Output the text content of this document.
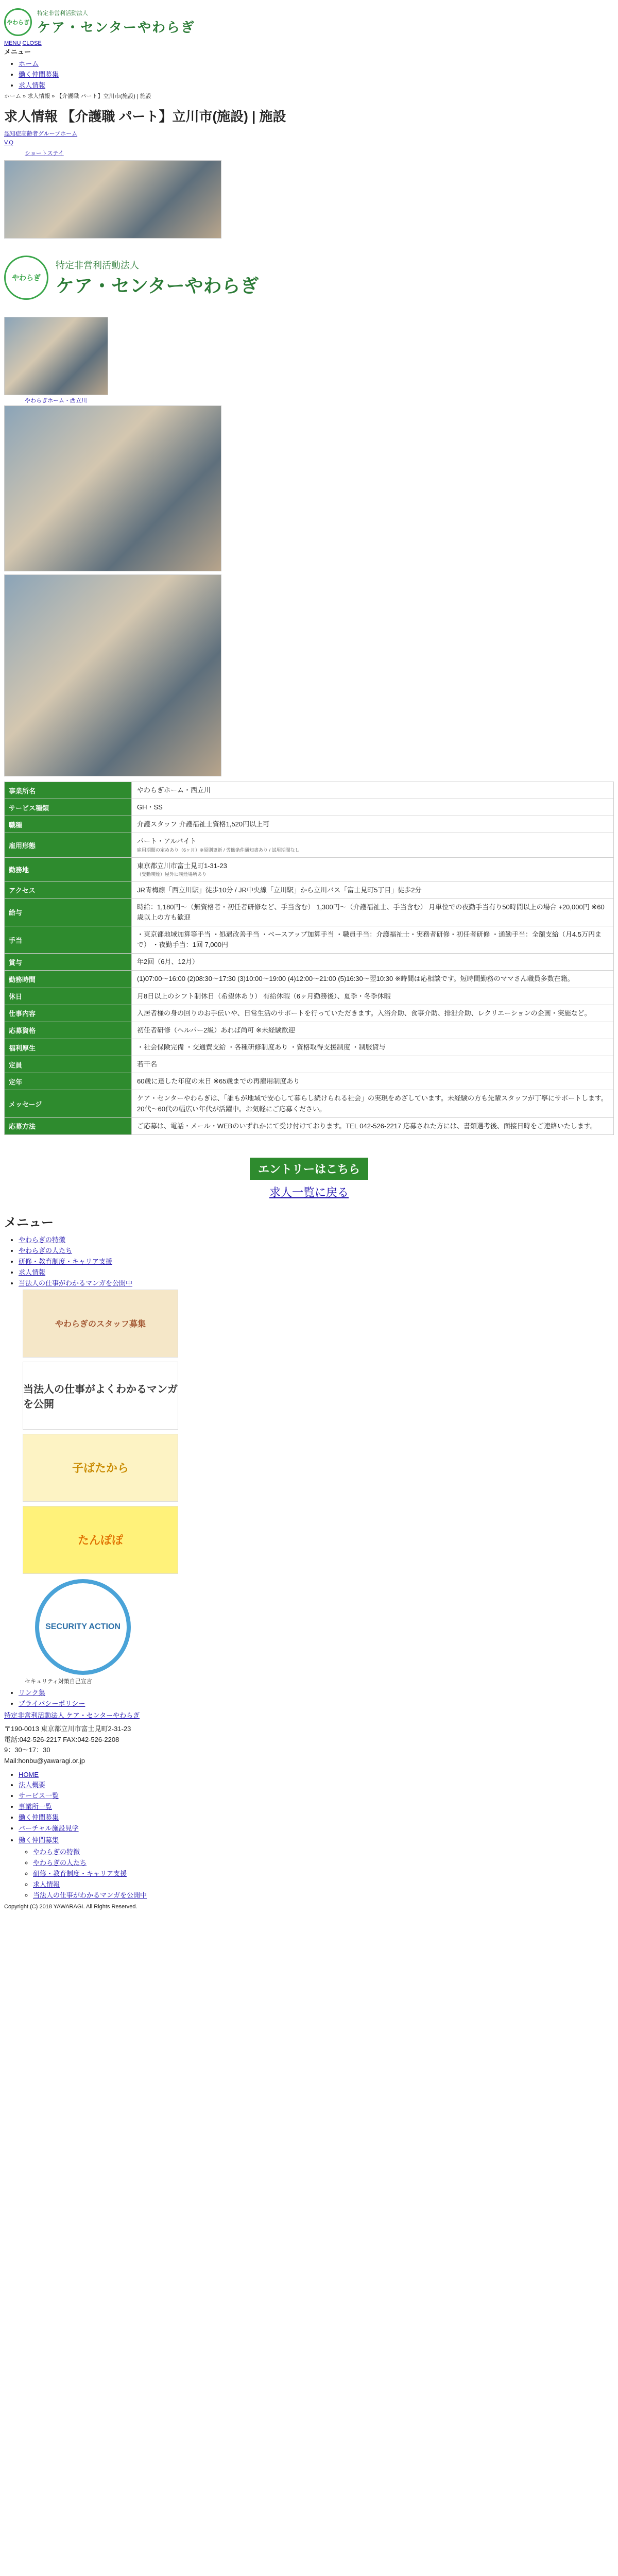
やわらぎ
特定非営利活動法人
ケア・センターやわらぎ
MENU CLOSE
メニュー
• ホーム
• 働く仲間募集
• 求人情報
ホーム » 求人情報 » 【介護職 パート】立川市(施設) | 施設
求人情報 【介護職 パート】立川市(施設) | 施設
認知症高齢者グループホーム
V.Q
ショートステイ
やわらぎ
特定非営利活動法人
ケア・センターやわらぎ
やわらぎホーム・西立川
事業所名	やわらぎホーム・西立川

サービス種類	GH・SS

職種	介護スタッフ 介護福祉士資格1,520円以上可

雇用形態	パート・アルバイト
雇用期間の定めあり（6ヶ月）※原則更新 / 労働条件通知書あり / 試用期間なし

勤務地	東京都立川市富士見町1-31-23
（受動喫煙）屋外に喫煙場所あり

アクセス	JR青梅線「西立川駅」徒歩10分 / JR中央線「立川駅」から立川バス「富士見町5丁目」徒歩2分

給与	時給：1,180円～（無資格者・初任者研修など、手当含む） 1,300円～（介護福祉士、手当含む） 月単位での夜勤手当有り50時間以上の場合 +20,000円 ※60歳以上の方も歓迎

手当	・東京都地域加算等手当 ・処遇改善手当 ・ベースアップ加算手当 ・職員手当：介護福祉士・実務者研修・初任者研修 ・通勤手当：全額支給（月4.5万円まで） ・夜勤手当：1回 7,000円

賞与	年2回（6月、12月）

勤務時間	(1)07:00～16:00 (2)08:30～17:30 (3)10:00～19:00 (4)12:00～21:00 (5)16:30～翌10:30 ※時間は応相談です。短時間勤務のママさん職員多数在籍。

休日	月8日以上のシフト制休日（希望休あり） 有給休暇（6ヶ月勤務後）、夏季・冬季休暇

仕事内容	入居者様の身の回りのお手伝いや、日常生活のサポートを行っていただきます。入浴介助、食事介助、排泄介助、レクリエーションの企画・実施など。

応募資格	初任者研修（ヘルパー2級）あれば尚可 ※未経験歓迎

福利厚生	・社会保険完備 ・交通費支給 ・各種研修制度あり ・資格取得支援制度 ・制服貸与

定員	若干名

定年	60歳に達した年度の末日 ※65歳までの再雇用制度あり

メッセージ	ケア・センターやわらぎは、「誰もが地域で安心して暮らし続けられる社会」の実現をめざしています。未経験の方も先輩スタッフが丁寧にサポートします。20代～60代の幅広い年代が活躍中。お気軽にご応募ください。

応募方法	ご応募は、電話・メール・WEBのいずれかにて受け付けております。TEL 042-526-2217 応募された方には、書類選考後、面接日時をご連絡いたします。
エントリーはこちら
求人一覧に戻る
メニュー
• やわらぎの特徴
• やわらぎの人たち
• 研修・教育制度・キャリア支援
• 求人情報
• 当法人の仕事がわかるマンガを公開中
やわらぎのスタッフ募集
当法人の仕事がよくわかるマンガを公開
子ばたから
たんぽぽ
SECURITY ACTION
セキュリティ対策自己宣言
• リンク集
• プライバシーポリシー
特定非営利活動法人 ケア・センターやわらぎ
〒190-0013 東京都立川市富士見町2-31-23
電話:042-526-2217 FAX:042-526-2208
9：30～17：30
Mail:honbu@yawaragi.or.jp
• HOME
• 法人概要
• サービス一覧
• 事業所一覧
• 働く仲間募集
• バーチャル施設見学
• 働く仲間募集
◦ やわらぎの特徴
◦ やわらぎの人たち
◦ 研修・教育制度・キャリア支援
◦ 求人情報
◦ 当法人の仕事がわかるマンガを公開中
Copyright (C) 2018 YAWARAGI. All Rights Reserved.
